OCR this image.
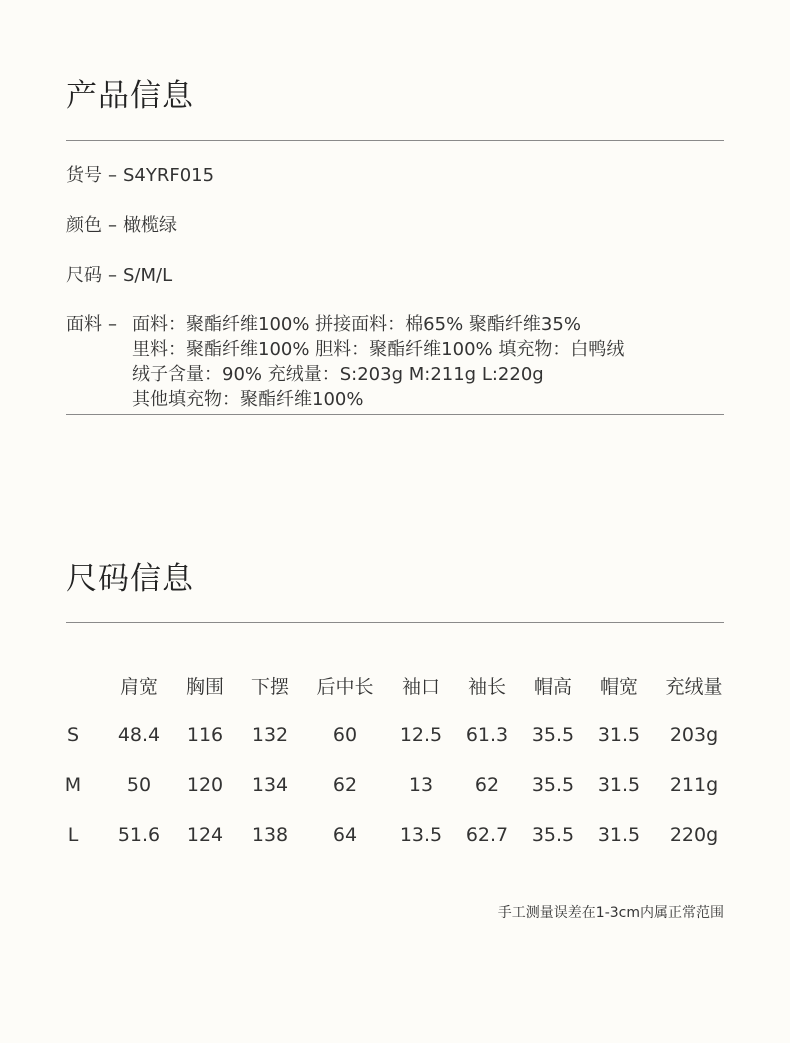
产品信息
货号 – S4YRF015
颜色 – 橄榄绿
尺码 – S/M/L
面料 – 面料：聚酯纤维100% 拼接面料：棉65% 聚酯纤维35%
里料：聚酯纤维100% 胆料：聚酯纤维100% 填充物：白鸭绒
绒子含量：90% 充绒量：S:203g M:211g L:220g
其他填充物：聚酯纤维100%
尺码信息
	肩宽	胸围	下摆	后中长	袖口	袖长	帽高	帽宽	充绒量
S	48.4	116	132	60	12.5	61.3	35.5	31.5	203g
M	50	120	134	62	13	62	35.5	31.5	211g
L	51.6	124	138	64	13.5	62.7	35.5	31.5	220g
手工测量误差在1-3cm内属正常范围
